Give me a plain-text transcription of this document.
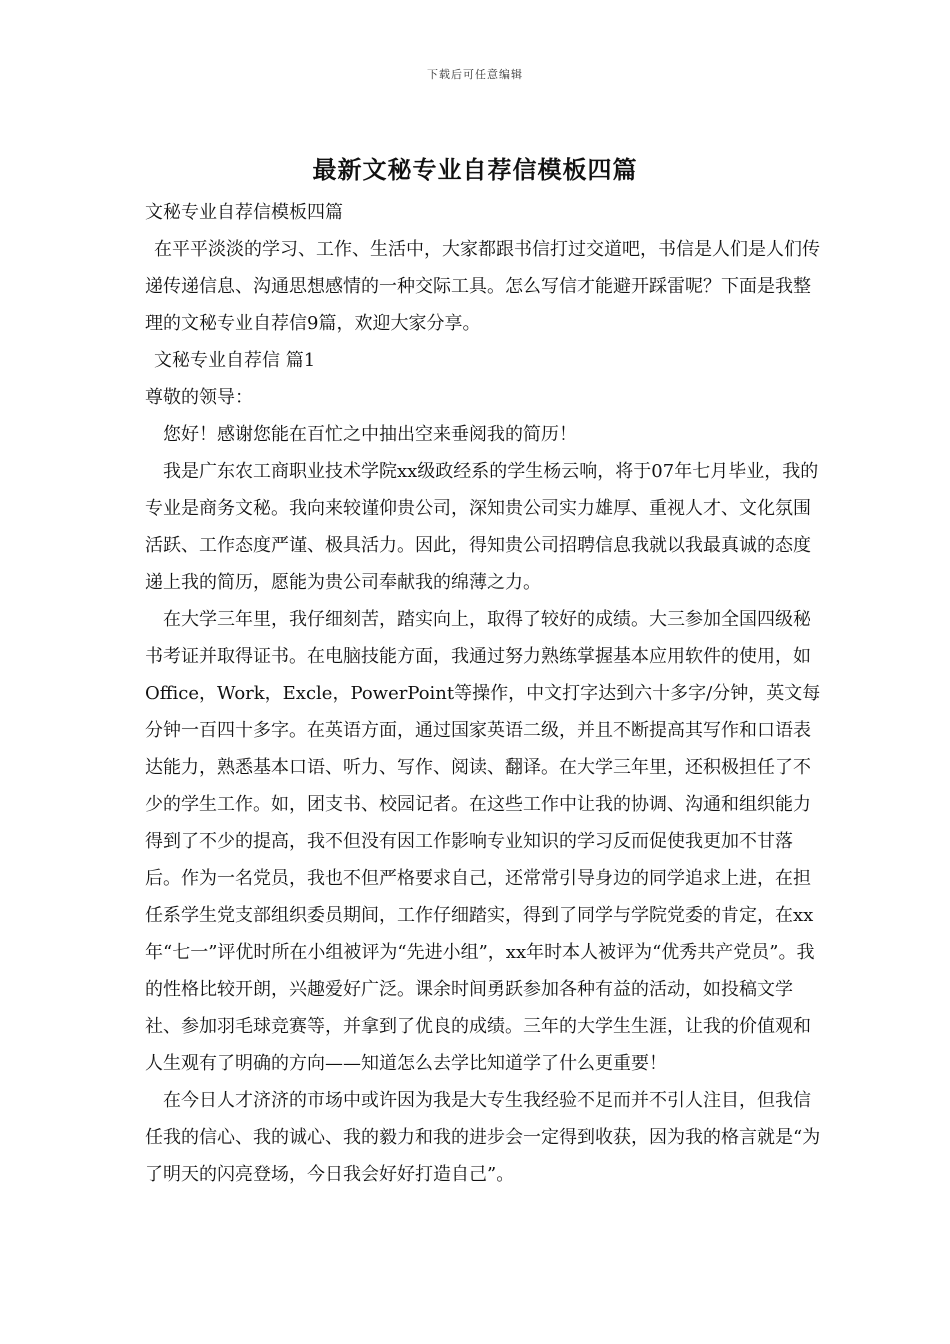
下载后可任意编辑
最新文秘专业自荐信模板四篇

文秘专业自荐信模板四篇

在平平淡淡的学习、工作、生活中，大家都跟书信打过交道吧，书信是人们是人们传递传递信息、沟通思想感情的一种交际工具。怎么写信才能避开踩雷呢？下面是我整理的文秘专业自荐信9篇，欢迎大家分享。

文秘专业自荐信 篇1

尊敬的领导：

您好！感谢您能在百忙之中抽出空来垂阅我的简历！

我是广东农工商职业技术学院xx级政经系的学生杨云响，将于07年七月毕业，我的专业是商务文秘。我向来较谨仰贵公司，深知贵公司实力雄厚、重视人才、文化氛围活跃、工作态度严谨、极具活力。因此，得知贵公司招聘信息我就以我最真诚的态度递上我的简历，愿能为贵公司奉献我的绵薄之力。

在大学三年里，我仔细刻苦，踏实向上，取得了较好的成绩。大三参加全国四级秘书考证并取得证书。在电脑技能方面，我通过努力熟练掌握基本应用软件的使用，如Office，Work，Excle，PowerPoint等操作，中文打字达到六十多字/分钟，英文每分钟一百四十多字。在英语方面，通过国家英语二级，并且不断提高其写作和口语表达能力，熟悉基本口语、听力、写作、阅读、翻译。在大学三年里，还积极担任了不少的学生工作。如，团支书、校园记者。在这些工作中让我的协调、沟通和组织能力得到了不少的提高，我不但没有因工作影响专业知识的学习反而促使我更加不甘落后。作为一名党员，我也不但严格要求自己，还常常引导身边的同学追求上进，在担任系学生党支部组织委员期间，工作仔细踏实，得到了同学与学院党委的肯定，在xx年“七一”评优时所在小组被评为“先进小组”，xx年时本人被评为“优秀共产党员”。我的性格比较开朗，兴趣爱好广泛。课余时间勇跃参加各种有益的活动，如投稿文学社、参加羽毛球竞赛等，并拿到了优良的成绩。三年的大学生生涯，让我的价值观和人生观有了明确的方向——知道怎么去学比知道学了什么更重要！

在今日人才济济的市场中或许因为我是大专生我经验不足而并不引人注目，但我信任我的信心、我的诚心、我的毅力和我的进步会一定得到收获，因为我的格言就是“为了明天的闪亮登场，今日我会好好打造自己”。
